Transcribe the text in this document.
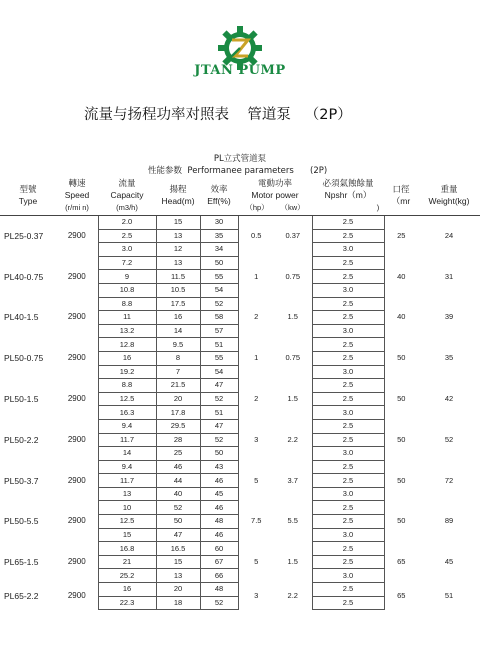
JTAN PUMP
流量与扬程功率对照表    管道泵   （2P）
PL立式管道泵
性能参数  Performanee parameters      (2P)
型號
Type	轉速
Speed
(r/mi n)	流量
Capacity
(m3/h)	揚程
Head(m)	效率
Eff(%)	電動功率
Motor power
（hp） （kw）		必須氣蝕餘量
Npshr（m）
)	口徑
（mr	重量
Weight(kg)
PL25-0.37	2900	2.0	15	30	0.5	0.37	2.5	25	24
		2.5	13	35			2.5		
		3.0	12	34			3.0		
PL40-0.75	2900	7.2	13	50	1	0.75	2.5	40	31
		9	11.5	55			2.5		
		10.8	10.5	54			3.0		
PL40-1.5	2900	8.8	17.5	52	2	1.5	2.5	40	39
		11	16	58			2.5		
		13.2	14	57			3.0		
PL50-0.75	2900	12.8	9.5	51	1	0.75	2.5	50	35
		16	8	55			2.5		
		19.2	7	54			3.0		
PL50-1.5	2900	8.8	21.5	47	2	1.5	2.5	50	42
		12.5	20	52			2.5		
		16.3	17.8	51			3.0		
PL50-2.2	2900	9.4	29.5	47	3	2.2	2.5	50	52
		11.7	28	52			2.5		
		14	25	50			3.0		
PL50-3.7	2900	9.4	46	43	5	3.7	2.5	50	72
		11.7	44	46			2.5		
		13	40	45			3.0		
PL50-5.5	2900	10	52	46	7.5	5.5	2.5	50	89
		12.5	50	48			2.5		
		15	47	46			3.0		
PL65-1.5	2900	16.8	16.5	60	5	1.5	2.5	65	45
		21	15	67			2.5		
		25.2	13	66			3.0		
PL65-2.2	2900	16	20	48	3	2.2	2.5	65	51
		22.3	18	52			2.5		
